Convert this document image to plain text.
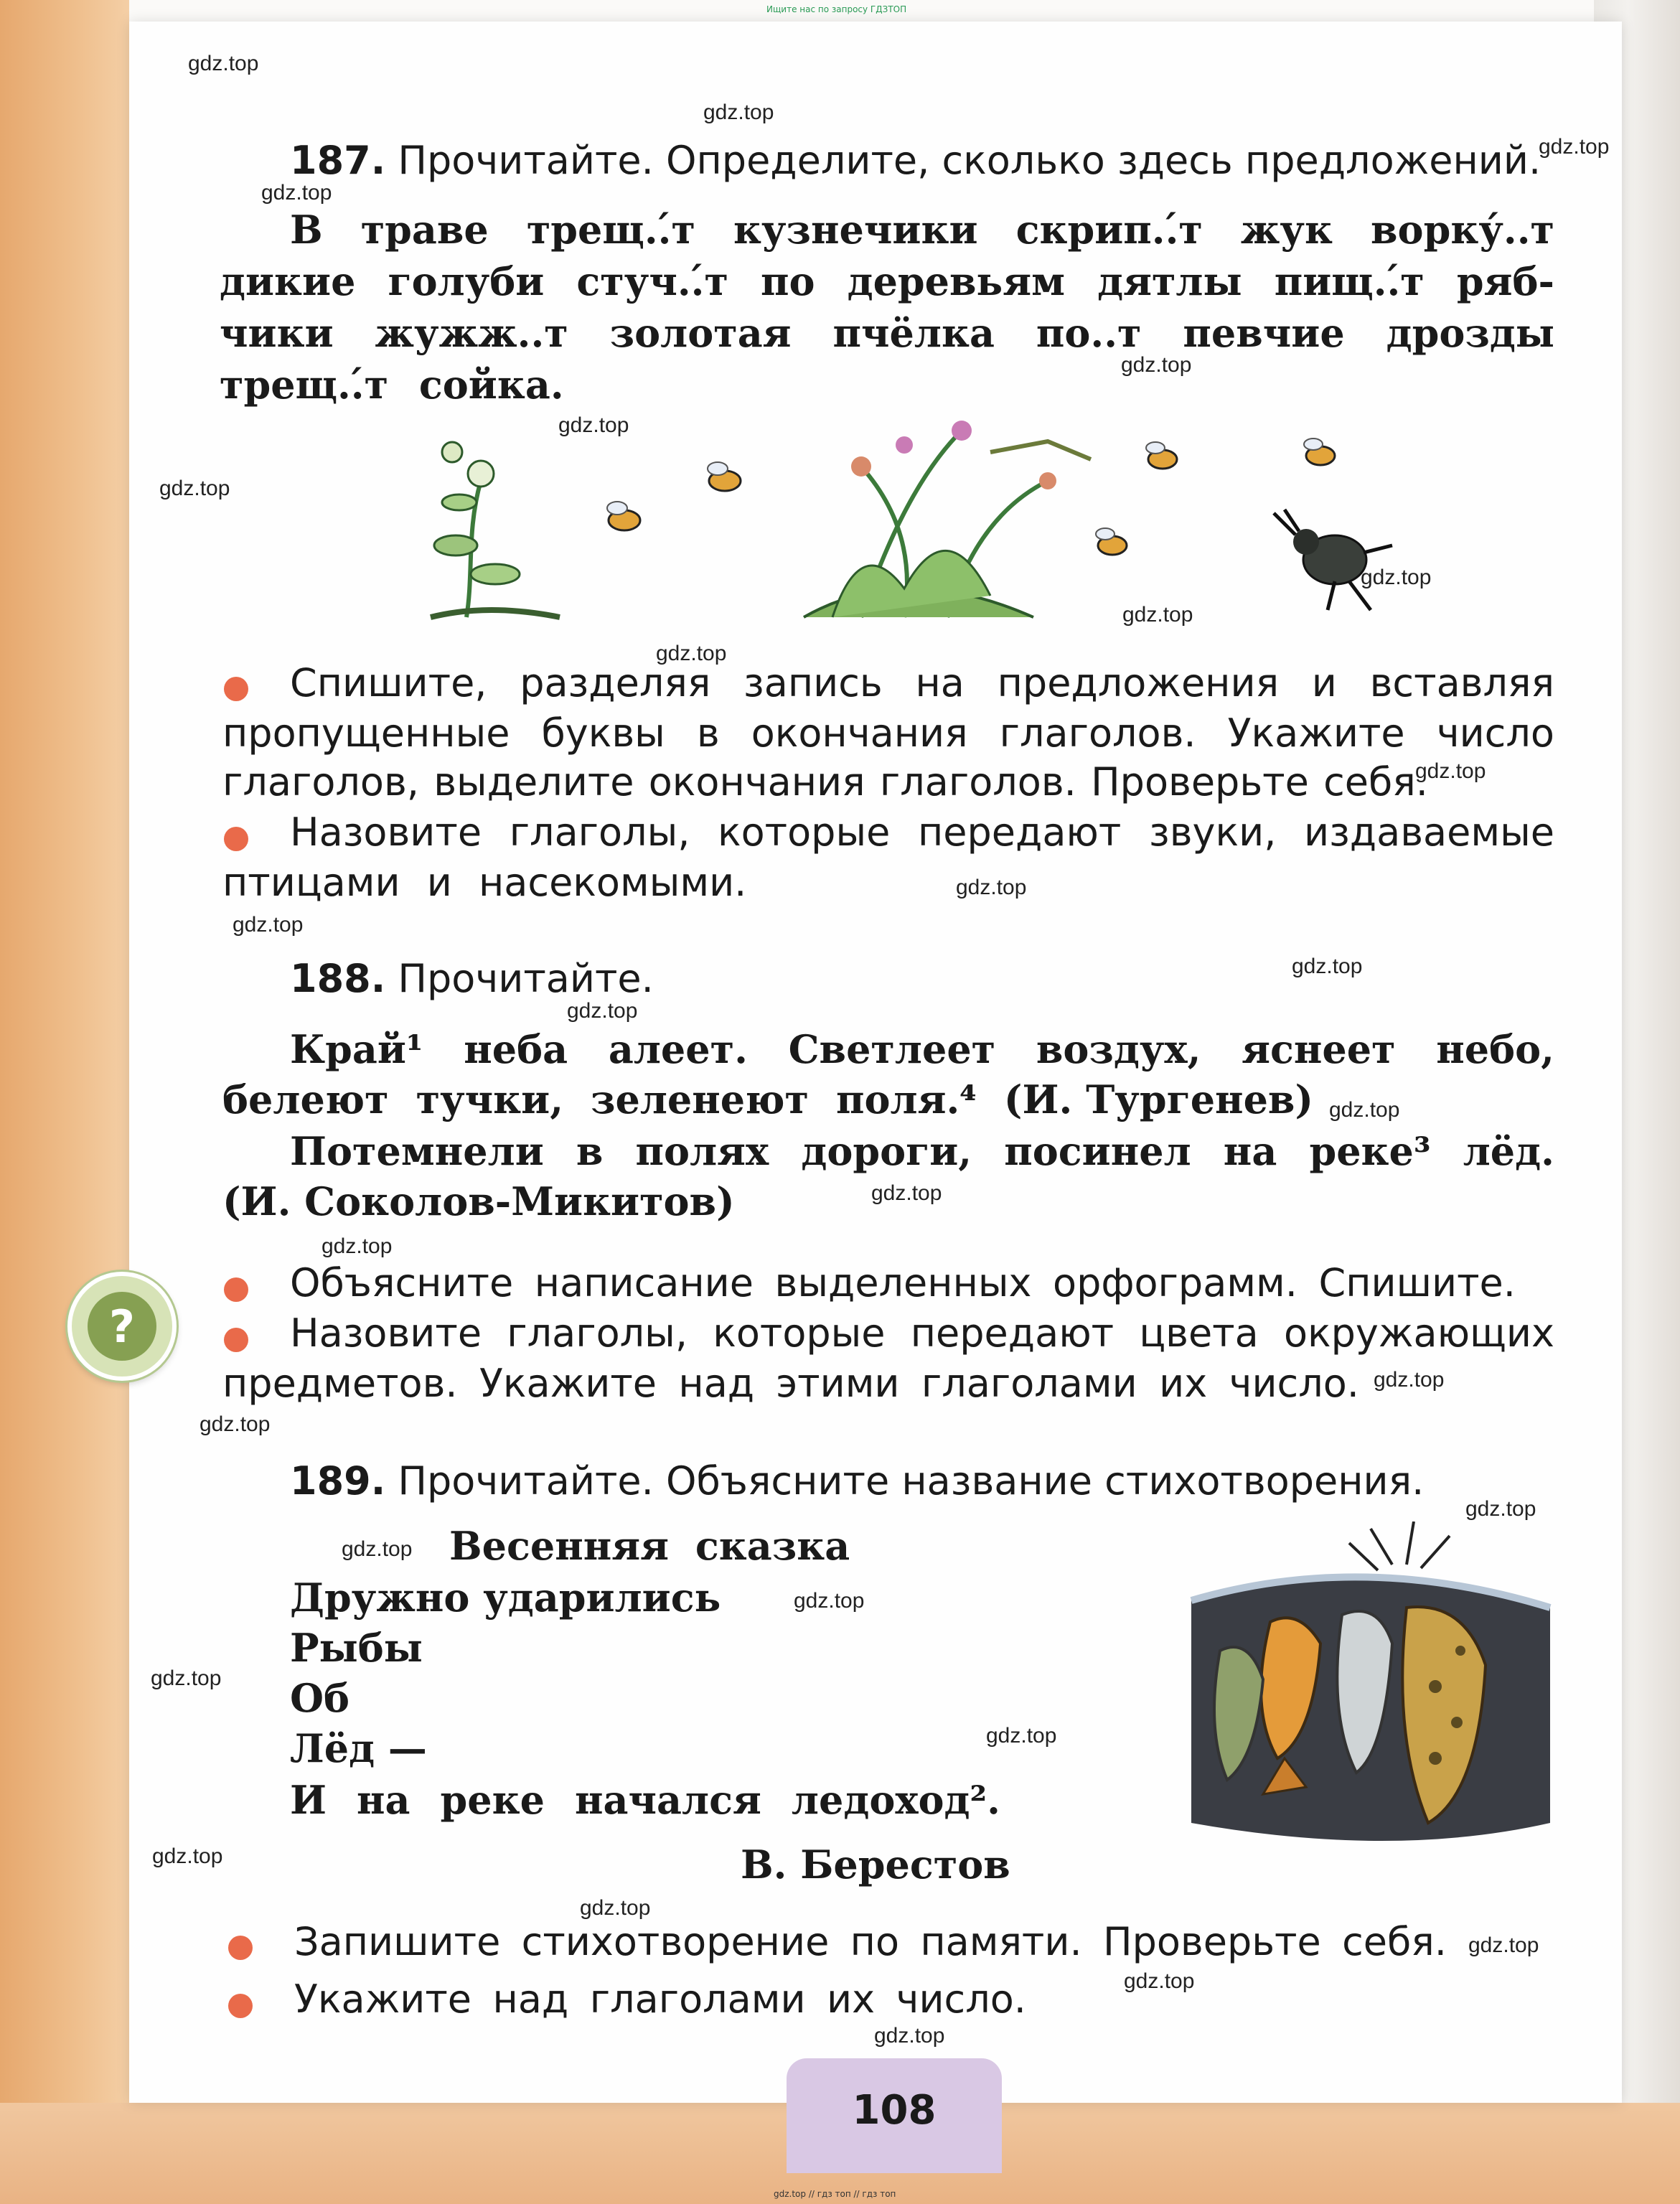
Ищите нас по запросу ГДЗТОП
gdz.top
gdz.top
gdz.top
gdz.top
gdz.top
gdz.top
gdz.top
gdz.top
gdz.top
gdz.top
gdz.top
gdz.top
gdz.top
gdz.top
gdz.top
gdz.top
gdz.top
gdz.top
gdz.top
gdz.top
gdz.top
gdz.top
gdz.top
gdz.top
gdz.top
gdz.top
gdz.top
gdz.top
gdz.top
gdz.top
187. Прочитайте. Определите, сколько здесь предложений.
В траве трещ..́т кузнечики скрип..́т жук ворку́..т
дикие голуби стуч..́т по деревьям дятлы пищ..́т ряб-
чики жужж..т золотая пчёлка по..т певчие дрозды
трещ..́т сойка.
Спишите, разделяя запись на предложения и вставляя
пропущенные буквы в окончания глаголов. Укажите число
глаголов, выделите окончания глаголов. Проверьте себя.
Назовите глаголы, которые передают звуки, издаваемые
птицами и насекомыми.
188. Прочитайте.
Край¹ неба алеет. Светлеет воздух, яснеет небо,
белеют тучки, зеленеют поля.⁴ (И. Тургенев)
Потемнели в полях дороги, посинел на реке³ лёд.
(И. Соколов-Микитов)
?
Объясните написание выделенных орфограмм. Спишите.
Назовите глаголы, которые передают цвета окружающих
предметов. Укажите над этими глаголами их число.
189. Прочитайте. Объясните название стихотворения.
Весенняя сказка
Дружно ударились
Рыбы
Об
Лёд —
И на реке начался ледоход².
В. Берестов
Запишите стихотворение по памяти. Проверьте себя.
Укажите над глаголами их число.
108
gdz.top // гдз топ // гдз топ
